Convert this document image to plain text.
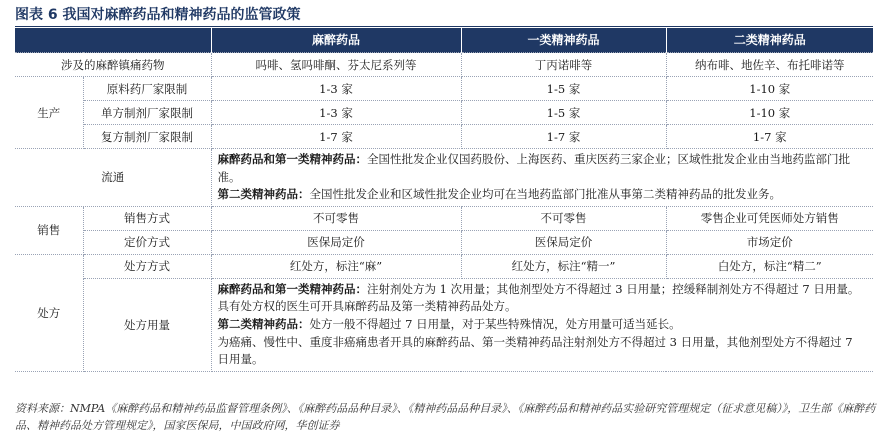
图表 6 我国对麻醉药品和精神药品的监管政策
		麻醉药品	一类精神药品	二类精神药品
涉及的麻醉镇痛药物		吗啡、氢吗啡酮、芬太尼系列等	丁丙诺啡等	纳布啡、地佐辛、布托啡诺等
生产	原料药厂家限制	1-3 家	1-5 家	1-10 家
	单方制剂厂家限制	1-3 家	1-5 家	1-10 家
	复方制剂厂家限制	1-7 家	1-7 家	1-7 家
流通		麻醉药品和第一类精神药品：全国性批发企业仅国药股份、上海医药、重庆医药三家企业；区域性批发企业由当地药监部门批准。
第二类精神药品：全国性批发企业和区域性批发企业均可在当地药监部门批准从事第二类精神药品的批发业务。		

销售	销售方式	不可零售	不可零售	零售企业可凭医师处方销售
	定价方式	医保局定价	医保局定价	市场定价
处方	处方方式	红处方，标注“麻”	红处方，标注“精一”	白处方，标注“精二”
	处方用量	麻醉药品和第一类精神药品：注射剂处方为 1 次用量；其他剂型处方不得超过 3 日用量；控缓释制剂处方不得超过 7 日用量。具有处方权的医生可开具麻醉药品及第一类精神药品处方。
第二类精神药品：处方一般不得超过 7 日用量，对于某些特殊情况，处方用量可适当延长。
为癌痛、慢性中、重度非癌痛患者开具的麻醉药品、第一类精神药品注射剂处方不得超过 3 日用量，其他剂型处方不得超过 7 日用量。		
资料来源：NMPA《麻醉药品和精神药品监督管理条例》、《麻醉药品品种目录》、《精神药品品种目录》、《麻醉药品和精神药品实验研究管理规定（征求意见稿）》，卫生部《麻醉药品、精神药品处方管理规定》，国家医保局，中国政府网，华创证券
